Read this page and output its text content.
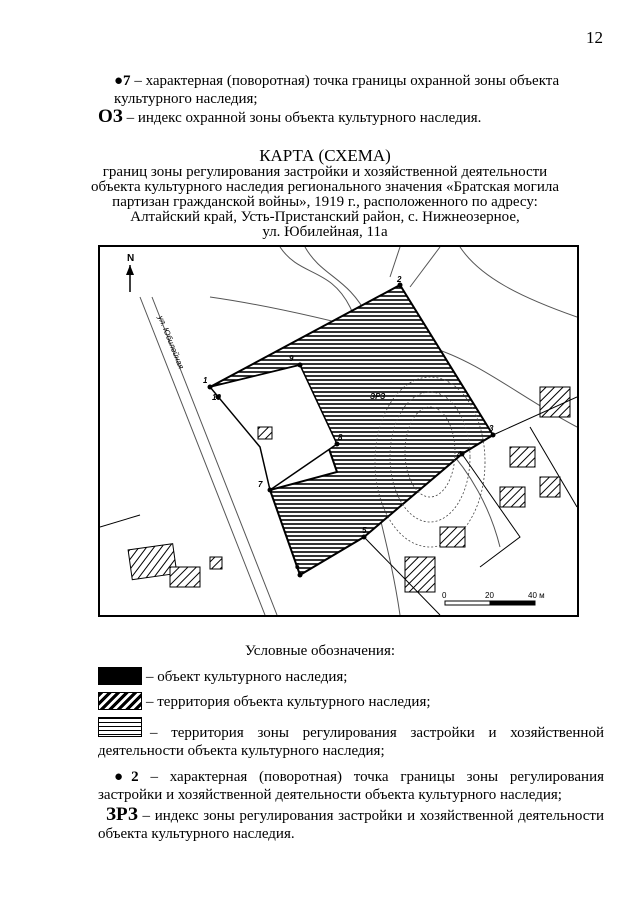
12
●7 – характерная (поворотная) точка границы охранной зоны объекта культурного наследия;
ОЗ – индекс охранной зоны объекта культурного наследия.
КАРТА (СХЕМА)
границ зоны регулирования застройки и хозяйственной деятельности
объекта культурного наследия регионального значения «Братская могила
партизан гражданской войны», 1919 г., расположенного по адресу:
Алтайский край, Усть-Пристанский район, с. Нижнеозерное,
ул. Юбилейная, 11а
1
2
3
4
5
6
7
8
9
10	ЗРЗ
ул. Юбилейная
N
0	20	40 м
Условные обозначения:
– объект культурного наследия;
– территория объекта культурного наследия;
– территория зоны регулирования застройки и хозяйственной деятельности объекта культурного наследия;
●2 – характерная (поворотная) точка границы зоны регулирования застройки и хозяйственной деятельности объекта культурного наследия;
ЗРЗ – индекс зоны регулирования застройки и хозяйственной деятельности объекта культурного наследия.
